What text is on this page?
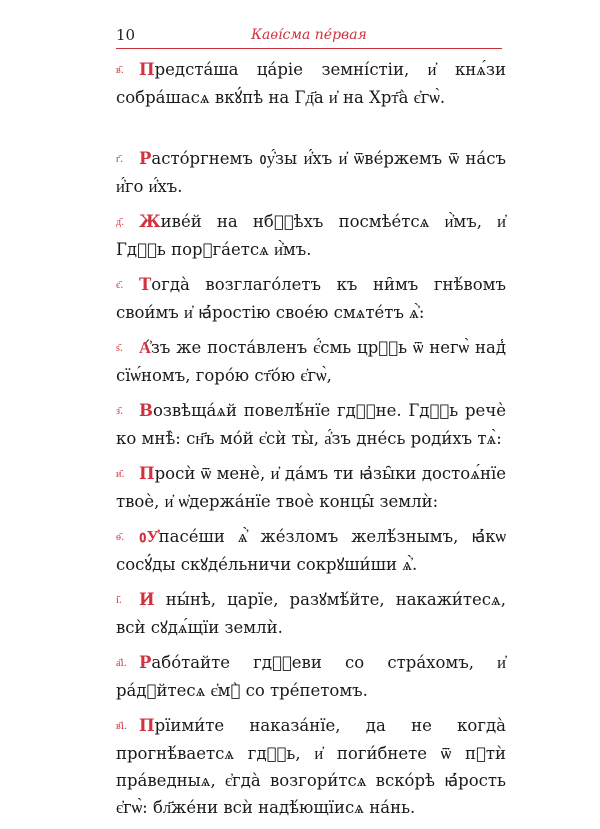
10	Каѳі́сма пе́рвая

в҃. Предста́ша ца́ріе земні́стіи, и҆ кнѧ́зи собра́шасѧ вкꙋ́пѣ на Гд҃а и҆ на Хрт҃а̀ є҆гѡ̀.

г҃. Расто́ргнемъ ᲂу҆́зы и҆́хъ и҆ ѿве́ржемъ ѿ на́съ и҆́го и҆́хъ.

д҃. Живе́й на нбⷭ҇ѣхъ посмѣе́тсѧ и҆̀мъ, и҆ Гдⷭ҇ь порꙋга́етсѧ и҆̀мъ.

є҃. Тогда̀ возглаго́летъ къ ни̑мъ гнѣ́вомъ свои́мъ и҆ ꙗ҆́ростію свое́ю смѧте́тъ ѧ҆̀:

ѕ҃. А҆́зъ же поста́вленъ є҆́смь црⷭ҇ь ѿ негѡ̀ над̾ сїѡ́номъ, горо́ю ст҃о́ю є҆гѡ̀,

з҃. Возвѣща́ѧй повелѣ́нїе гдⷭ҇не. Гдⷭ҇ь речѐ ко мнѣ̀: сн҃ъ мо́й є҆сѝ ты̀, а҆́зъ дне́сь роди́хъ тѧ̀:

и҃. Просѝ ѿ менѐ, и҆ да́мъ ти ꙗ҆зы̑ки достоѧ́нїе твоѐ, и҆ ѡ҆держа́нїе твоѐ концы̑ землѝ:

ѳ҃. ᲂУ҆пасе́ши ѧ҆̀ же́зломъ желѣ́знымъ, ꙗ҆́кѡ сосꙋ́ды скꙋде́льничи сокрꙋши́ши ѧ҆̀.

і҃. И ны́нѣ, царїе, разꙋмѣ́йте, накажи́тесѧ, всѝ сꙋдѧ́щїи землѝ.

а҃і. Рабо́тайте гдⷭ҇еви со стра́хомъ, и҆ ра́дꙋйтесѧ є҆мꙋ̀ со тре́петомъ.

в҃і. Прїими́те наказа́нїе, да не когда̀ прогнѣ́ваетсѧ гдⷭ҇ь, и҆ поги́бнете ѿ пꙋтѝ пра́ведныѧ, є҆гда̀ возгори́тсѧ вско́рѣ ꙗ҆́рость є҆гѡ̀: бл҃же́ни всѝ надѣ́ющїисѧ на́нь.
